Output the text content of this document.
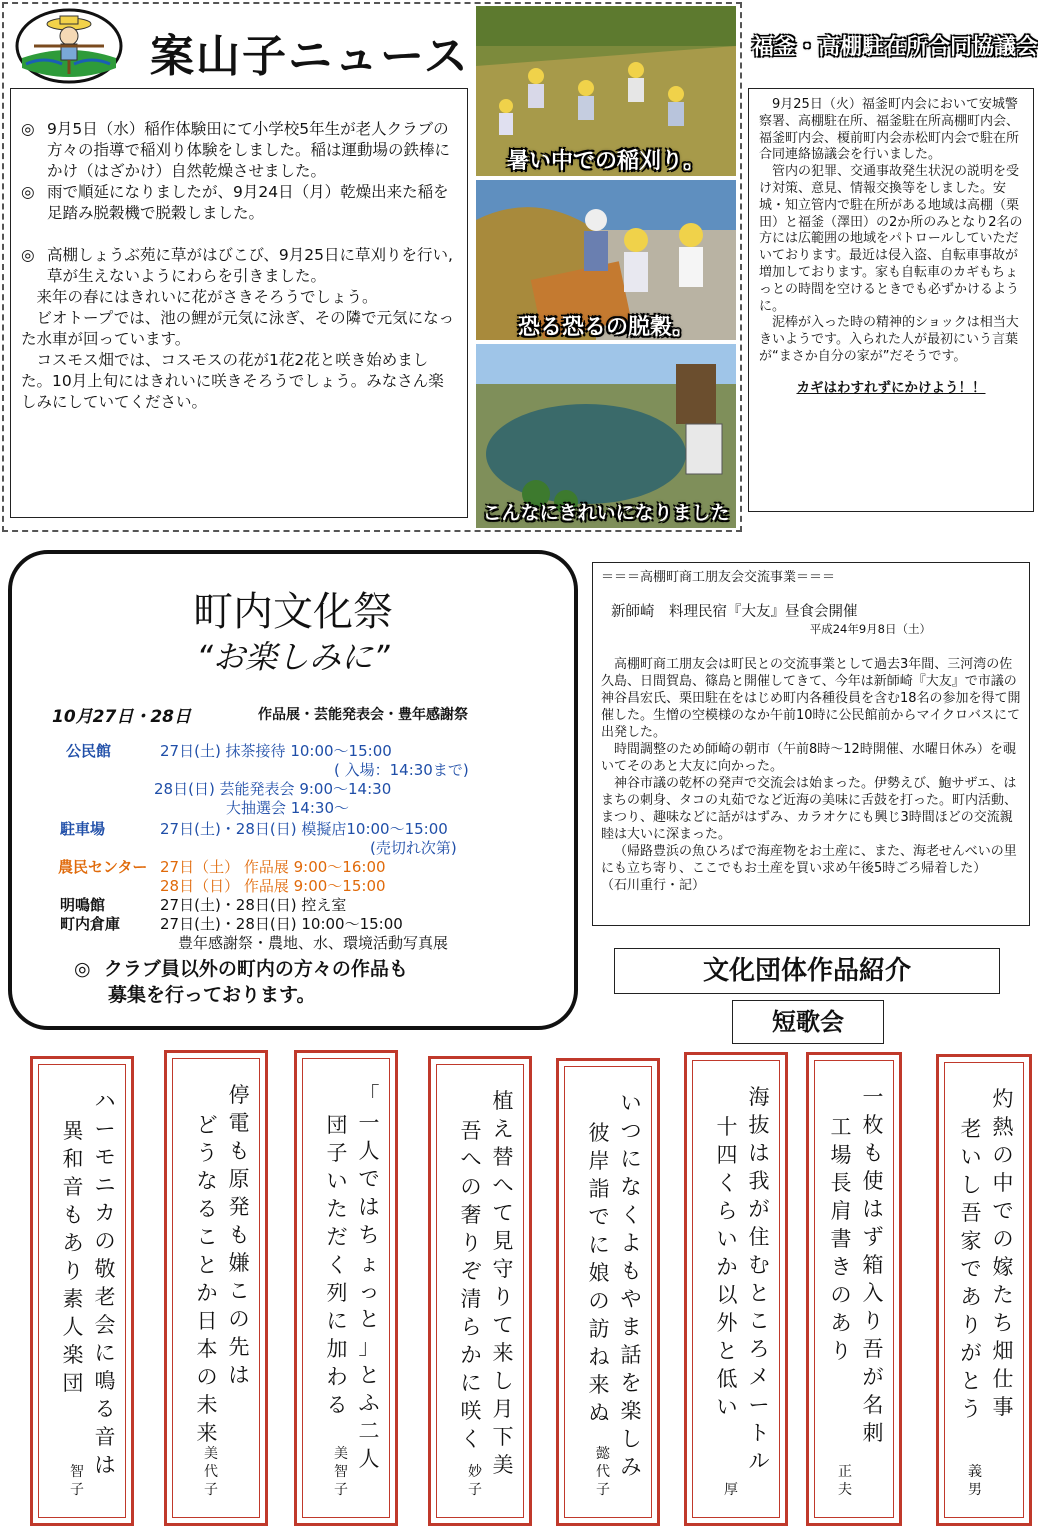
案山子ニュース
◎ 9月5日（水）稲作体験田にて小学校5年生が老人クラブの方々の指導で稲刈り体験をしました。稲は運動場の鉄棒にかけ（はざかけ）自然乾燥させました。
◎ 雨で順延になりましたが、9月24日（月）乾燥出来た稲を足踏み脱穀機で脱穀しました。
◎ 高棚しょうぶ苑に草がはびこび、9月25日に草刈りを行い,草が生えないようにわらを引きました。
来年の春にはきれいに花がさきそろうでしょう。
ビオトープでは、池の鯉が元気に泳ぎ、その隣で元気になった水車が回っています。
コスモス畑では、コスモスの花が1花2花と咲き始めました。10月上旬にはきれいに咲きそろうでしょう。みなさん楽しみにしていてください。
暑い中での稲刈り。
恐る恐るの脱穀。
こんなにきれいになりました
福釜・高棚駐在所合同協議会

9月25日（火）福釜町内会において安城警察署、高棚駐在所、福釜駐在所高棚町内会、福釜町内会、榎前町内会赤松町内会で駐在所合同連絡協議会を行いました。

管内の犯罪、交通事故発生状況の説明を受け対策、意見、情報交換等をしました。安城・知立管内で駐在所がある地域は高棚（栗田）と福釜（澤田）の2か所のみとなり2名の方には広範囲の地域をパトロールしていただいております。最近は侵入盗、自転車事故が増加しております。家も自転車のカギもちょっとの時間を空けるときでも必ずかけるように。

泥棒が入った時の精神的ショックは相当大きいようです。入られた人が最初にいう言葉が“まさか自分の家が”だそうです。

カギはわすれずにかけよう！！

町内文化祭
“お楽しみに”
10月27日・28日	作品展・芸能発表会・豊年感謝祭
公民館	27日(土) 抹茶接待 10:00〜15:00
( 入場：14:30まで)
28日(日) 芸能発表会 9:00〜14:30
大抽選会 14:30〜
駐車場	27日(土)・28日(日) 模擬店10:00〜15:00
(売切れ次第)
農民センター 27日（土） 作品展 9:00〜16:00
28日（日） 作品展 9:00〜15:00
明鳴館	27日(土)・28日(日) 控え室
町内倉庫	27日(土)・28日(日) 10:00〜15:00
豊年感謝祭・農地、水、環境活動写真展
◎ クラブ員以外の町内の方々の作品も
募集を行っております。

＝＝＝高棚町商工朋友会交流事業＝＝＝

新師崎　料理民宿『大友』昼食会開催

平成24年9月8日（土）

高棚町商工朋友会は町民との交流事業として過去3年間、三河湾の佐久島、日間賀島、篠島と開催してきて、今年は新師崎『大友』で市議の神谷昌宏氏、栗田駐在をはじめ町内各種役員を含む18名の参加を得て開催した。生憎の空模様のなか午前10時に公民館前からマイクロバスにて出発した。

時間調整のため師崎の朝市（午前8時〜12時開催、水曜日休み）を覗いてそのあと大友に向かった。

神谷市議の乾杯の発声で交流会は始まった。伊勢えび、鮑サザエ、はまちの刺身、タコの丸茹でなど近海の美味に舌鼓を打った。町内活動、まつり、趣味などに話がはずみ、カラオケにも興じ3時間ほどの交流親睦は大いに深まった。

（帰路豊浜の魚ひろばで海産物をお土産に、また、海老せんべいの里にも立ち寄り、ここでもお土産を買い求め午後5時ごろ帰着した）　　　　（石川重行・記）

文化団体作品紹介
短歌会
灼
熱
の
中
で
の
嫁
た
ち
畑
仕
事
老
い
し
吾
家
で
あ
り
が
と
う
義
男
一
枚
も
使
は
ず
箱
入
り
吾
が
名
刺
工
場
長
肩
書
き
の
あ
り
正
夫
海
抜
は
我
が
住
む
と
こ
ろ
メ
ー
ト
ル
十
四
く
ら
い
か
以
外
と
低
い
厚
い
つ
に
な
く
よ
も
や
ま
話
を
楽
し
み
彼
岸
詣
で
に
娘
の
訪
ね
来
ぬ
懿
代
子
植
え
替
へ
て
見
守
り
て
来
し
月
下
美
吾
へ
の
奢
り
ぞ
清
ら
か
に
咲
く
妙
子
「
一
人
で
は
ち
ょ
っ
と
」
と
ふ
二
人
団
子
い
た
だ
く
列
に
加
わ
る
美
智
子
停
電
も
原
発
も
嫌
こ
の
先
は
ど
う
な
る
こ
と
か
日
本
の
未
来
美
代
子
ハ
ー
モ
ニ
カ
の
敬
老
会
に
鳴
る
音
は
異
和
音
も
あ
り
素
人
楽
団
智
子
